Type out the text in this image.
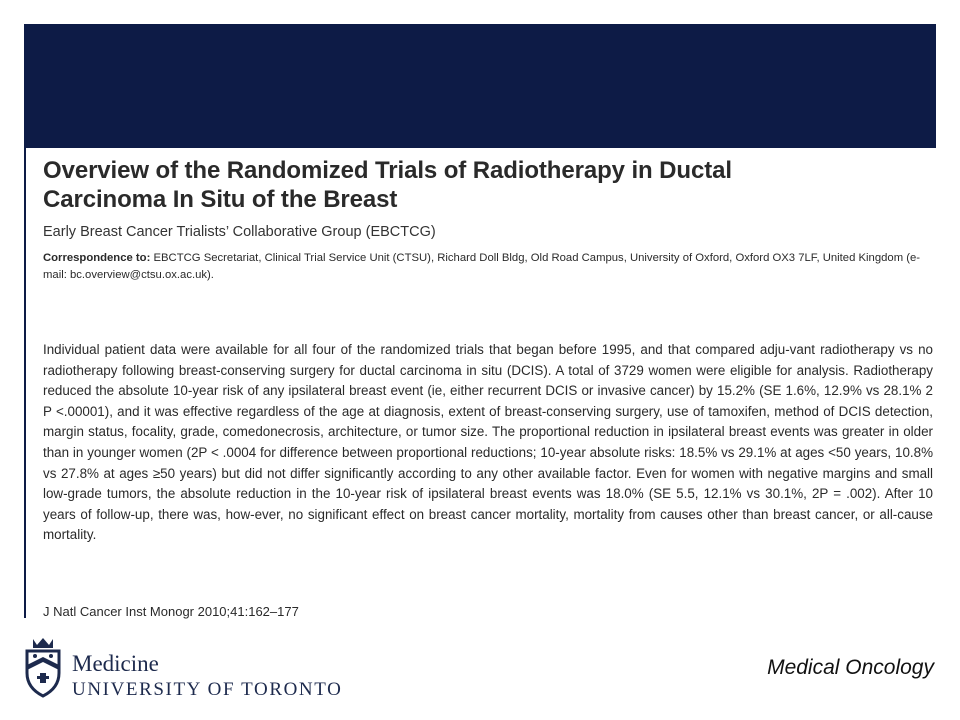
Overview of the Randomized Trials of Radiotherapy in Ductal
Carcinoma In Situ of the Breast
Early Breast Cancer Trialists’ Collaborative Group (EBCTCG)
Correspondence to: EBCTCG Secretariat, Clinical Trial Service Unit (CTSU), Richard Doll Bldg, Old Road Campus, University of Oxford, Oxford OX3 7LF, United Kingdom (e-mail: bc.overview@ctsu.ox.ac.uk).

Individual patient data were available for all four of the randomized trials that began before 1995, and that compared adju-vant radiotherapy vs no radiotherapy following breast-conserving surgery for ductal carcinoma in situ (DCIS). A total of 3729 women were eligible for analysis. Radiotherapy reduced the absolute 10-year risk of any ipsilateral breast event (ie, either recurrent DCIS or invasive cancer) by 15.2% (SE 1.6%, 12.9% vs 28.1% 2 P <.00001), and it was effective regardless of the age at diagnosis, extent of breast-conserving surgery, use of tamoxifen, method of DCIS detection, margin status, focality, grade, comedonecrosis, architecture, or tumor size. The proportional reduction in ipsilateral breast events was greater in older than in younger women (2P < .0004 for difference between proportional reductions; 10-year absolute risks: 18.5% vs 29.1% at ages <50 years, 10.8% vs 27.8% at ages ≥50 years) but did not differ significantly according to any other available factor. Even for women with negative margins and small low-grade tumors, the absolute reduction in the 10-year risk of ipsilateral breast events was 18.0% (SE 5.5, 12.1% vs 30.1%, 2P = .002). After 10 years of follow-up, there was, how-ever, no significant effect on breast cancer mortality, mortality from causes other than breast cancer, or all-cause mortality.

J Natl Cancer Inst Monogr 2010;41:162–177
Medicine
UNIVERSITY OF TORONTO
Medical Oncology
